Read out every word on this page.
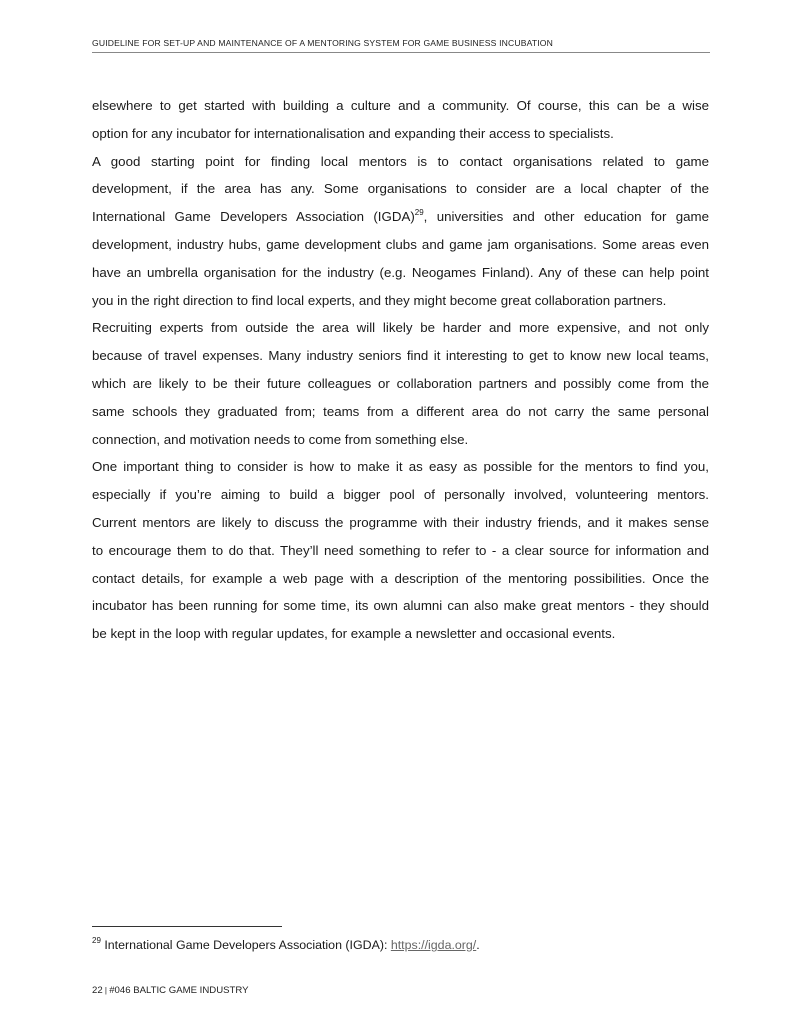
GUIDELINE FOR SET-UP AND MAINTENANCE OF A MENTORING SYSTEM FOR GAME BUSINESS INCUBATION
elsewhere to get started with building a culture and a community. Of course, this can be a wise
option for any incubator for internationalisation and expanding their access to specialists.
A good starting point for finding local mentors is to contact organisations related to game
development, if the area has any. Some organisations to consider are a local chapter of the
International Game Developers Association (IGDA)$^{29}$, universities and other education for game
development, industry hubs, game development clubs and game jam organisations. Some areas even
have an umbrella organisation for the industry (e.g. Neogames Finland). Any of these can help point
you in the right direction to find local experts, and they might become great collaboration partners.
Recruiting experts from outside the area will likely be harder and more expensive, and not only
because of travel expenses. Many industry seniors find it interesting to get to know new local teams,
which are likely to be their future colleagues or collaboration partners and possibly come from the
same schools they graduated from; teams from a different area do not carry the same personal
connection, and motivation needs to come from something else.
One important thing to consider is how to make it as easy as possible for the mentors to find you,
especially if you’re aiming to build a bigger pool of personally involved, volunteering mentors.
Current mentors are likely to discuss the programme with their industry friends, and it makes sense
to encourage them to do that. They’ll need something to refer to - a clear source for information and
contact details, for example a web page with a description of the mentoring possibilities. Once the
incubator has been running for some time, its own alumni can also make great mentors - they should
be kept in the loop with regular updates, for example a newsletter and occasional events.
$^{29}$ International Game Developers Association (IGDA): https://igda.org/.
22 | #046 BALTIC GAME INDUSTRY
